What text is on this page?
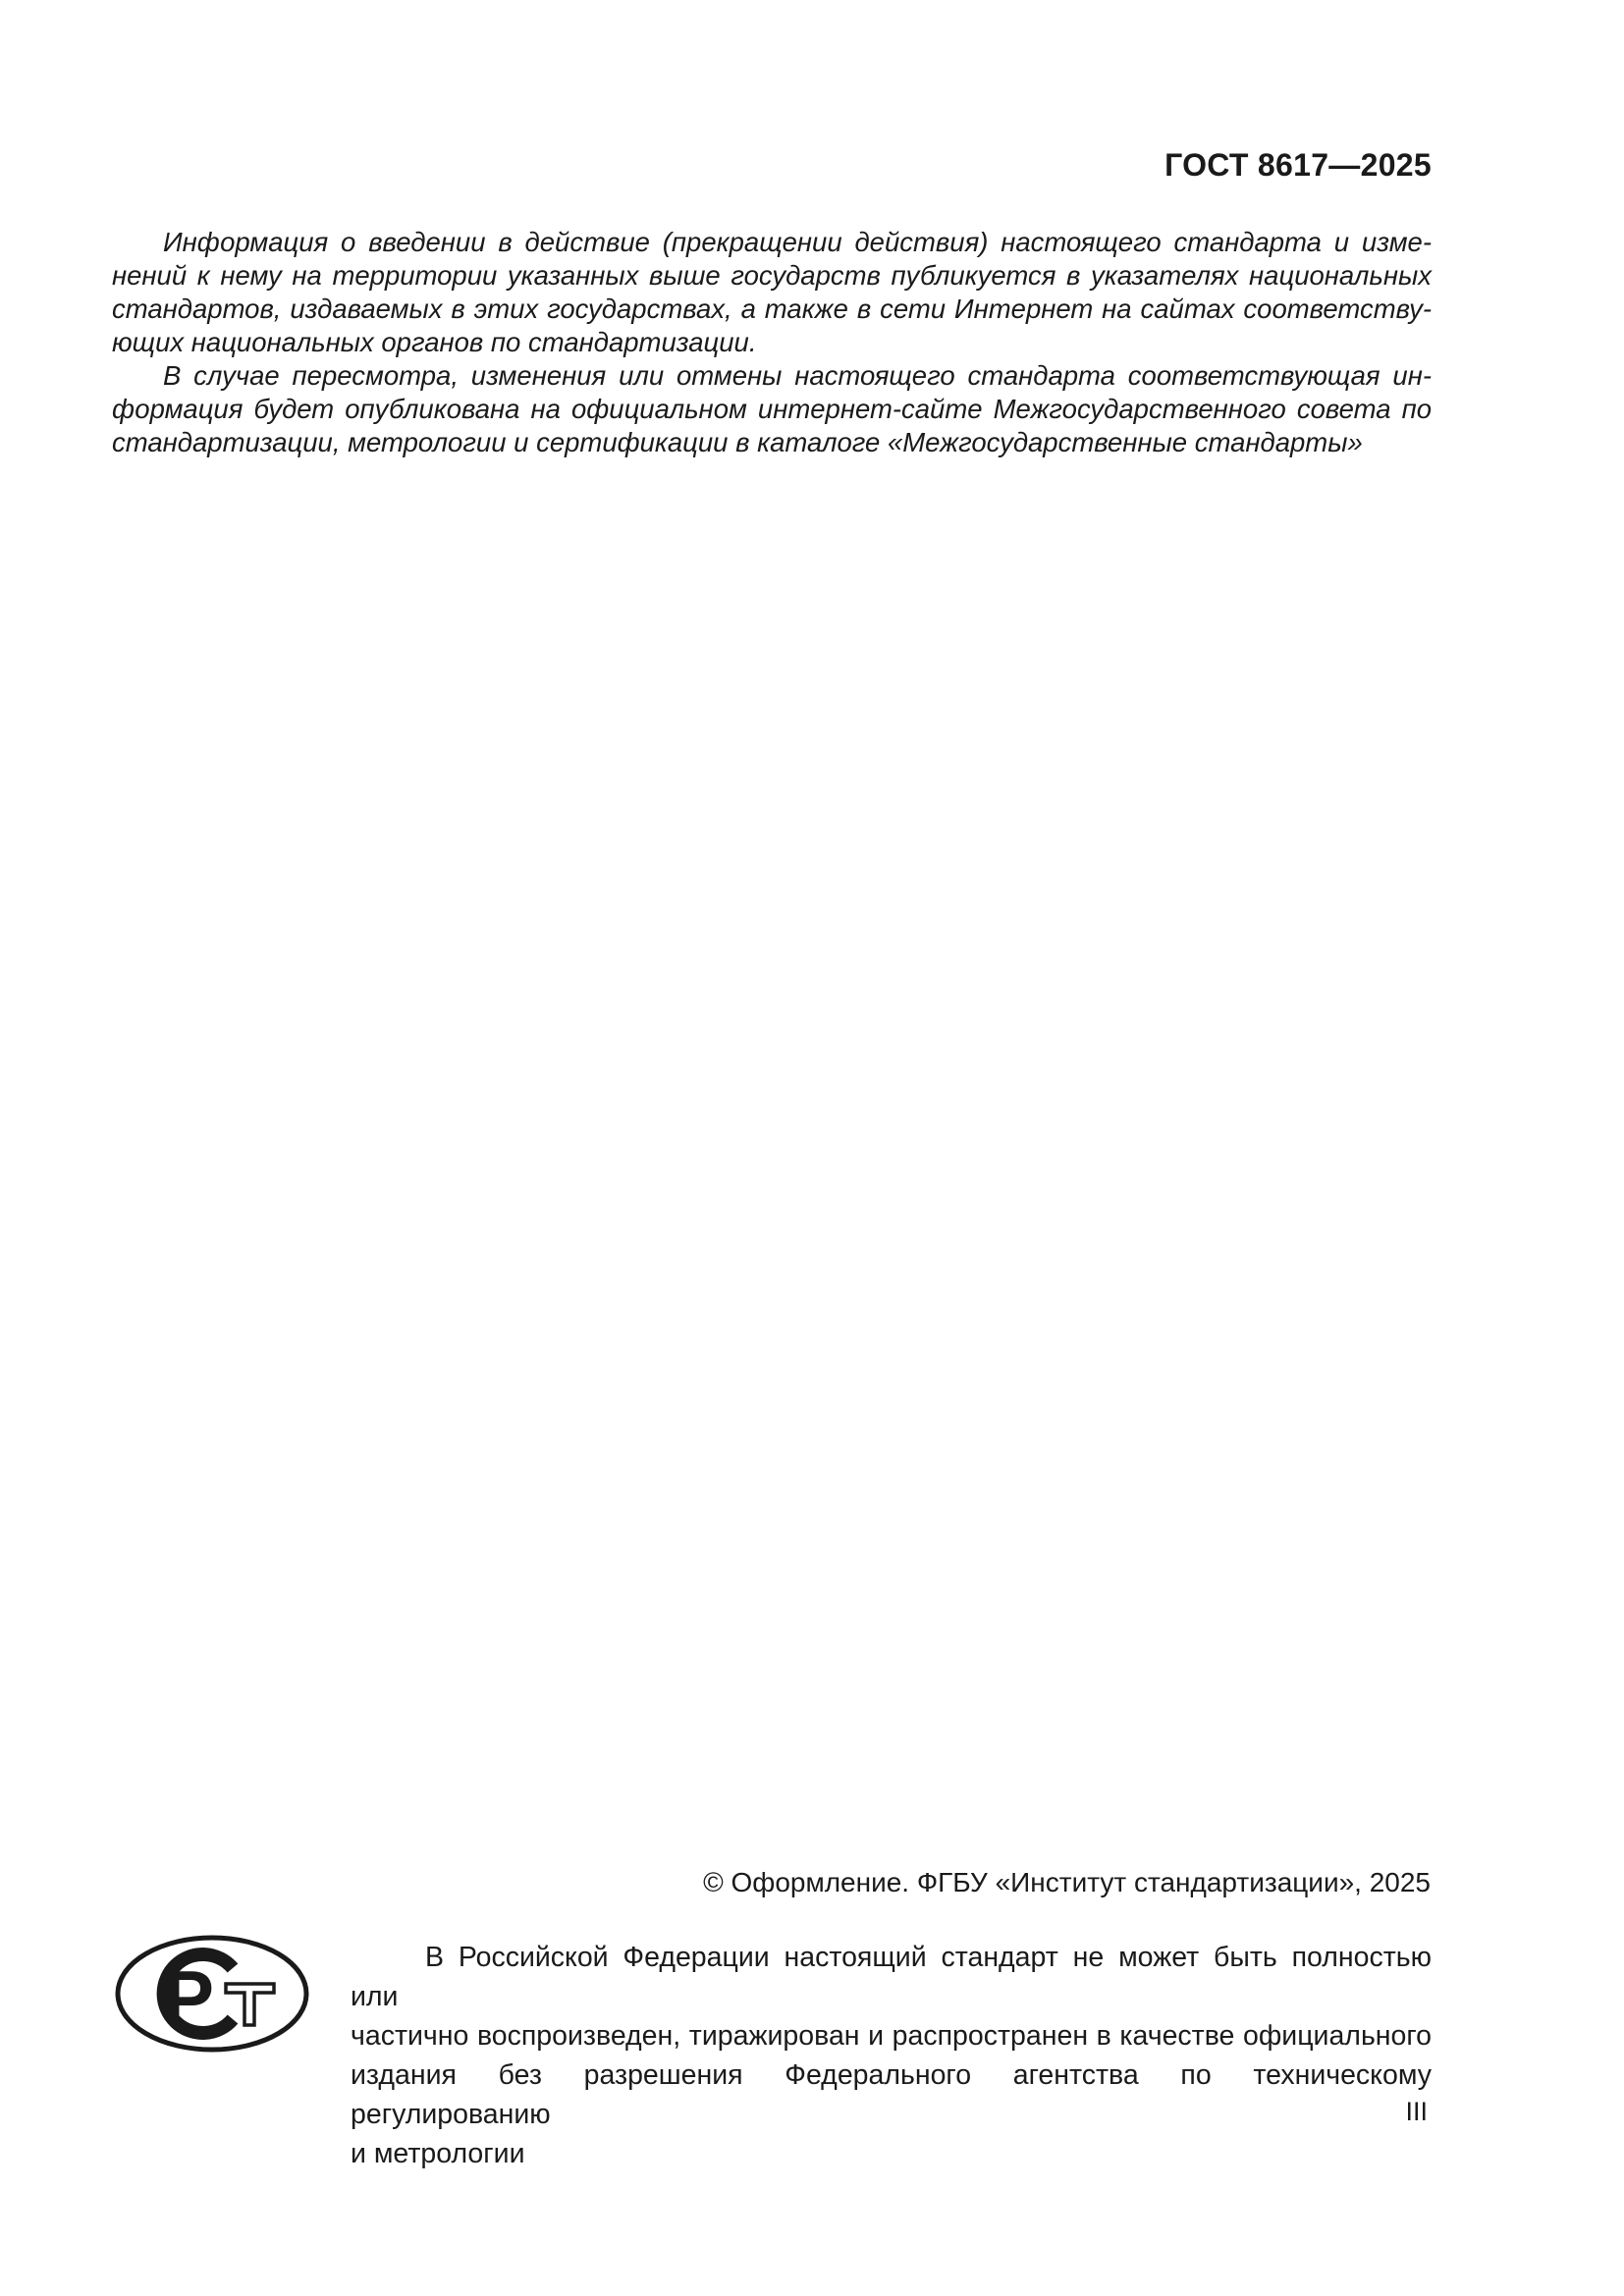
ГОСТ 8617—2025
Информация о введении в действие (прекращении действия) настоящего стандарта и изме-
нений к нему на территории указанных выше государств публикуется в указателях национальных
стандартов, издаваемых в этих государствах, а также в сети Интернет на сайтах соответству-
ющих национальных органов по стандартизации.
В случае пересмотра, изменения или отмены настоящего стандарта соответствующая ин-
формация будет опубликована на официальном интернет-сайте Межгосударственного совета по
стандартизации, метрологии и сертификации в каталоге «Межгосударственные стандарты»
© Оформление. ФГБУ «Институт стандартизации», 2025
Р	В Российской Федерации настоящий стандарт не может быть полностью или
частично воспроизведен, тиражирован и распространен в качестве официального
издания без разрешения Федерального агентства по техническому регулированию
и метрологии
III
